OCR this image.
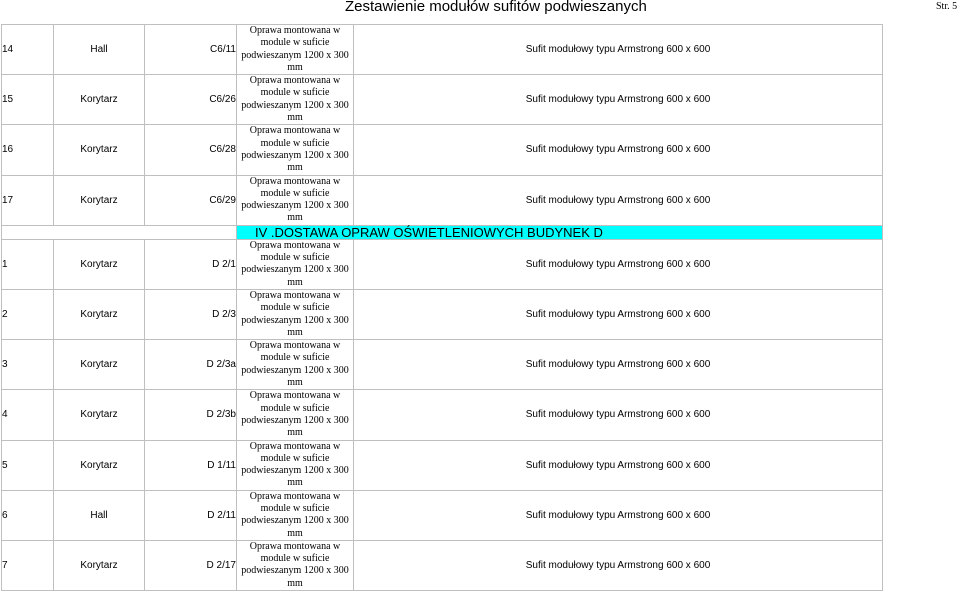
Zestawienie modułów sufitów podwieszanych	Str. 5
14	Hall	C6/11	Oprawa montowana w
module w suficie
podwieszanym 1200 x 300
mm	Sufit modułowy typu Armstrong 600 x 600
15	Korytarz	C6/26	Oprawa montowana w
module w suficie
podwieszanym 1200 x 300
mm	Sufit modułowy typu Armstrong 600 x 600
16	Korytarz	C6/28	Oprawa montowana w
module w suficie
podwieszanym 1200 x 300
mm	Sufit modułowy typu Armstrong 600 x 600
17	Korytarz	C6/29	Oprawa montowana w
module w suficie
podwieszanym 1200 x 300
mm	Sufit modułowy typu Armstrong 600 x 600
			IV .DOSTAWA OPRAW OŚWIETLENIOWYCH BUDYNEK D	
1	Korytarz	D 2/1	Oprawa montowana w
module w suficie
podwieszanym 1200 x 300
mm	Sufit modułowy typu Armstrong 600 x 600
2	Korytarz	D 2/3	Oprawa montowana w
module w suficie
podwieszanym 1200 x 300
mm	Sufit modułowy typu Armstrong 600 x 600
3	Korytarz	D 2/3a	Oprawa montowana w
module w suficie
podwieszanym 1200 x 300
mm	Sufit modułowy typu Armstrong 600 x 600
4	Korytarz	D 2/3b	Oprawa montowana w
module w suficie
podwieszanym 1200 x 300
mm	Sufit modułowy typu Armstrong 600 x 600
5	Korytarz	D 1/11	Oprawa montowana w
module w suficie
podwieszanym 1200 x 300
mm	Sufit modułowy typu Armstrong 600 x 600
6	Hall	D 2/11	Oprawa montowana w
module w suficie
podwieszanym 1200 x 300
mm	Sufit modułowy typu Armstrong 600 x 600
7	Korytarz	D 2/17	Oprawa montowana w
module w suficie
podwieszanym 1200 x 300
mm	Sufit modułowy typu Armstrong 600 x 600
